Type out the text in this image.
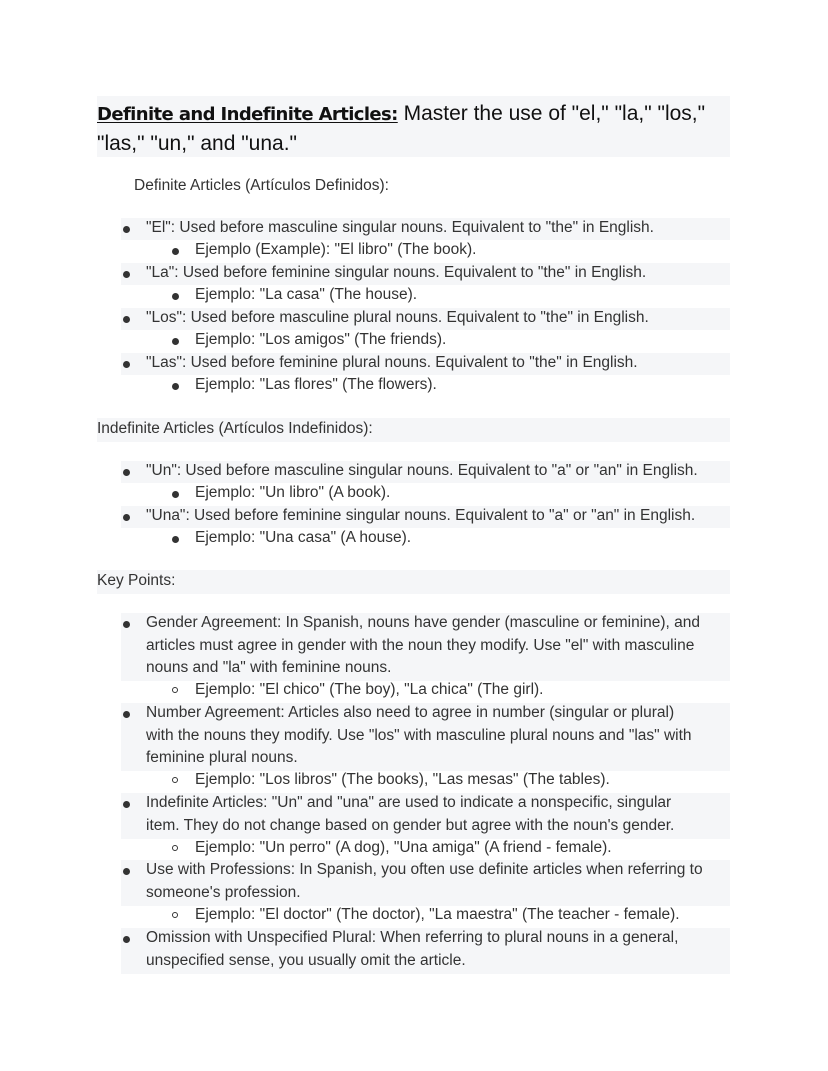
Definite and Indefinite Articles: Master the use of "el," "la," "los," "las," "un," and "una."
Definite Articles (Artículos Definidos):
"El": Used before masculine singular nouns. Equivalent to "the" in English.
Ejemplo (Example): "El libro" (The book).
"La": Used before feminine singular nouns. Equivalent to "the" in English.
Ejemplo: "La casa" (The house).
"Los": Used before masculine plural nouns. Equivalent to "the" in English.
Ejemplo: "Los amigos" (The friends).
"Las": Used before feminine plural nouns. Equivalent to "the" in English.
Ejemplo: "Las flores" (The flowers).
Indefinite Articles (Artículos Indefinidos):
"Un": Used before masculine singular nouns. Equivalent to "a" or "an" in English.
Ejemplo: "Un libro" (A book).
"Una": Used before feminine singular nouns. Equivalent to "a" or "an" in English.
Ejemplo: "Una casa" (A house).
Key Points:
Gender Agreement: In Spanish, nouns have gender (masculine or feminine), and
articles must agree in gender with the noun they modify. Use "el" with masculine
nouns and "la" with feminine nouns.
Ejemplo: "El chico" (The boy), "La chica" (The girl).
Number Agreement: Articles also need to agree in number (singular or plural)
with the nouns they modify. Use "los" with masculine plural nouns and "las" with
feminine plural nouns.
Ejemplo: "Los libros" (The books), "Las mesas" (The tables).
Indefinite Articles: "Un" and "una" are used to indicate a nonspecific, singular
item. They do not change based on gender but agree with the noun's gender.
Ejemplo: "Un perro" (A dog), "Una amiga" (A friend - female).
Use with Professions: In Spanish, you often use definite articles when referring to
someone's profession.
Ejemplo: "El doctor" (The doctor), "La maestra" (The teacher - female).
Omission with Unspecified Plural: When referring to plural nouns in a general,
unspecified sense, you usually omit the article.
